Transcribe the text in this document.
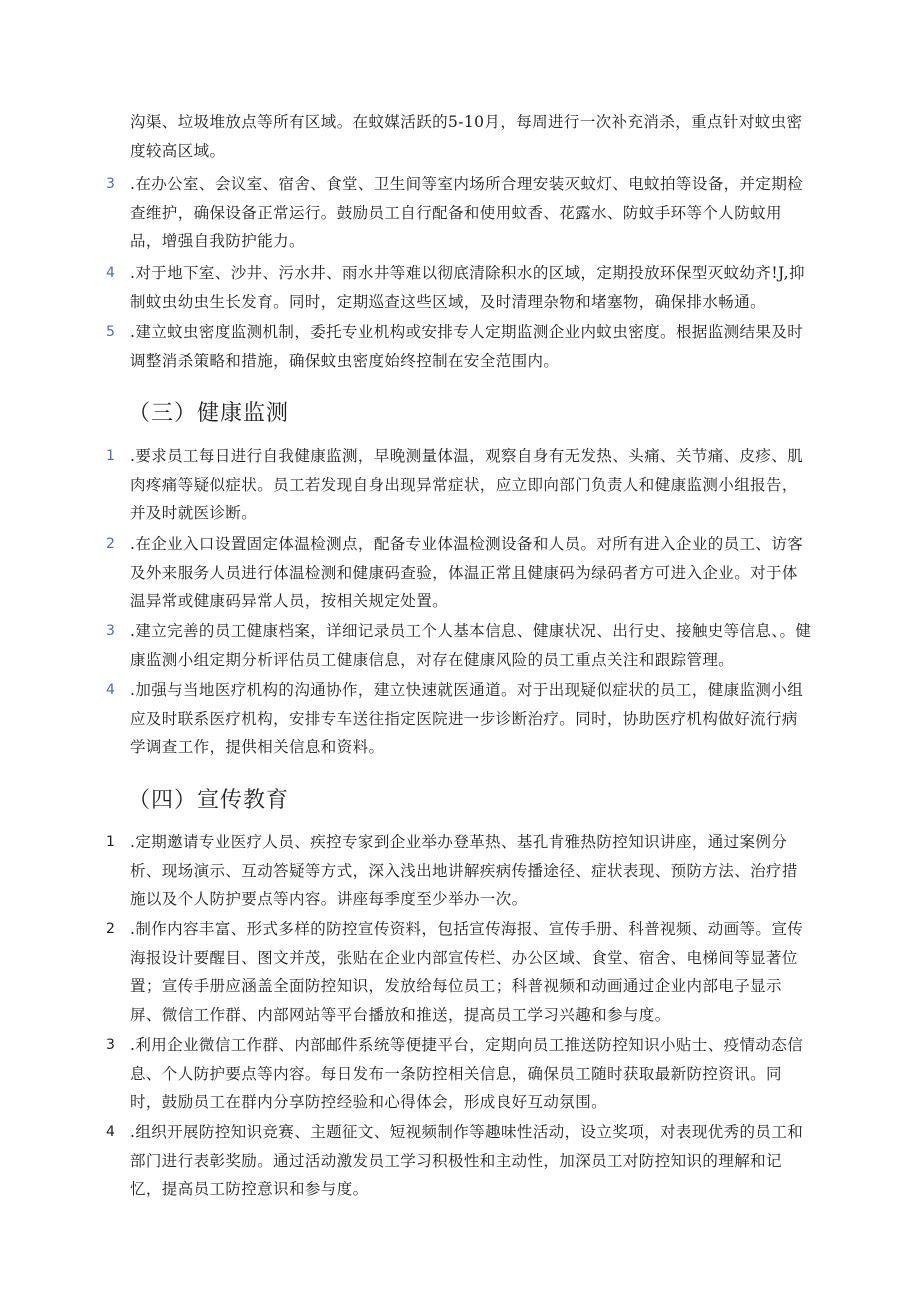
沟渠、垃圾堆放点等所有区域。在蚊媒活跃的5-10月，每周进行一次补充消杀，重点针对蚊虫密度较高区域。
3 .在办公室、会议室、宿舍、食堂、卫生间等室内场所合理安装灭蚊灯、电蚊拍等设备，并定期检查维护，确保设备正常运行。鼓励员工自行配备和使用蚊香、花露水、防蚊手环等个人防蚊用品，增强自我防护能力。
4 .对于地下室、沙井、污水井、雨水井等难以彻底清除积水的区域，定期投放环保型灭蚊幼齐!J,抑制蚊虫幼虫生长发育。同时，定期巡查这些区域，及时清理杂物和堵塞物，确保排水畅通。
5 .建立蚊虫密度监测机制，委托专业机构或安排专人定期监测企业内蚊虫密度。根据监测结果及时调整消杀策略和措施，确保蚊虫密度始终控制在安全范围内。
（三）健康监测
1 .要求员工每日进行自我健康监测，早晚测量体温，观察自身有无发热、头痛、关节痛、皮疹、肌肉疼痛等疑似症状。员工若发现自身出现异常症状，应立即向部门负责人和健康监测小组报告，并及时就医诊断。
2 .在企业入口设置固定体温检测点，配备专业体温检测设备和人员。对所有进入企业的员工、访客及外来服务人员进行体温检测和健康码查验，体温正常且健康码为绿码者方可进入企业。对于体温异常或健康码异常人员，按相关规定处置。
3 .建立完善的员工健康档案，详细记录员工个人基本信息、健康状况、出行史、接触史等信息、。健康监测小组定期分析评估员工健康信息，对存在健康风险的员工重点关注和跟踪管理。
4 .加强与当地医疗机构的沟通协作，建立快速就医通道。对于出现疑似症状的员工，健康监测小组应及时联系医疗机构，安排专车送往指定医院进一步诊断治疗。同时，协助医疗机构做好流行病学调查工作，提供相关信息和资料。
（四）宣传教育
1 .定期邀请专业医疗人员、疾控专家到企业举办登革热、基孔肯雅热防控知识讲座，通过案例分析、现场演示、互动答疑等方式，深入浅出地讲解疾病传播途径、症状表现、预防方法、治疗措施以及个人防护要点等内容。讲座每季度至少举办一次。
2 .制作内容丰富、形式多样的防控宣传资料，包括宣传海报、宣传手册、科普视频、动画等。宣传海报设计要醒目、图文并茂，张贴在企业内部宣传栏、办公区域、食堂、宿舍、电梯间等显著位置；宣传手册应涵盖全面防控知识，发放给每位员工；科普视频和动画通过企业内部电子显示屏、微信工作群、内部网站等平台播放和推送，提高员工学习兴趣和参与度。
3 .利用企业微信工作群、内部邮件系统等便捷平台，定期向员工推送防控知识小贴士、疫情动态信息、个人防护要点等内容。每日发布一条防控相关信息，确保员工随时获取最新防控资讯。同时，鼓励员工在群内分享防控经验和心得体会，形成良好互动氛围。
4 .组织开展防控知识竞赛、主题征文、短视频制作等趣味性活动，设立奖项，对表现优秀的员工和部门进行表彰奖励。通过活动激发员工学习积极性和主动性，加深员工对防控知识的理解和记忆，提高员工防控意识和参与度。
